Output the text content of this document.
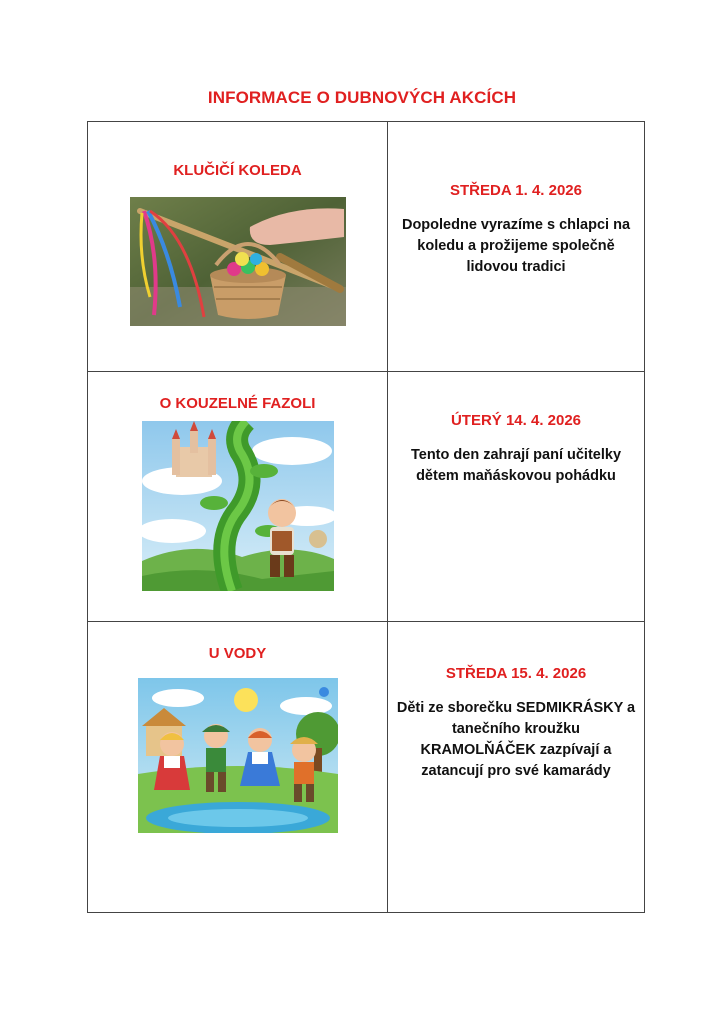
INFORMACE O DUBNOVÝCH AKCÍCH
KLUČIČÍ KOLEDA	STŘEDA 1. 4. 2026
Dopoledne vyrazíme s chlapci na koledu a prožijeme společně lidovou tradici

O KOUZELNÉ FAZOLI	ÚTERÝ 14. 4. 2026
Tento den zahrají paní učitelky dětem maňáskovou pohádku

U VODY	STŘEDA 15. 4. 2026
Děti ze sborečku SEDMIKRÁSKY a tanečního kroužku KRAMOLŇÁČEK zazpívají a zatancují pro své kamarády
